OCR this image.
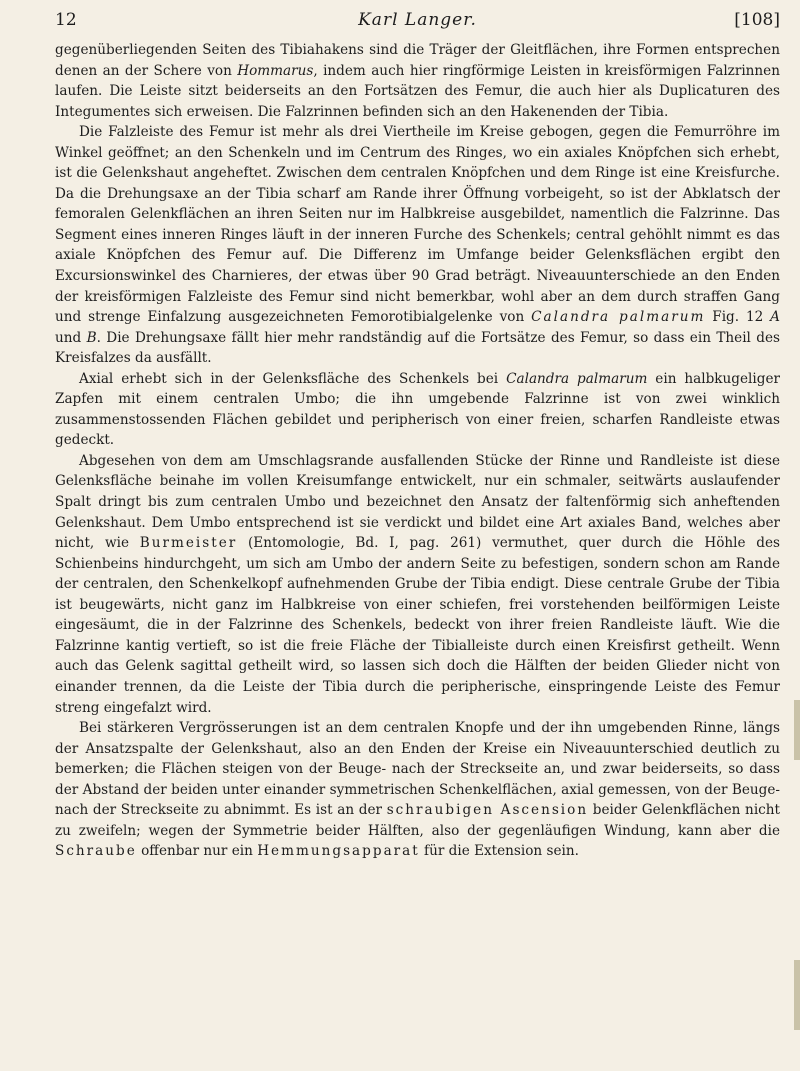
12	Karl Langer.	[108]

gegenüberliegenden Seiten des Tibiahakens sind die Träger der Gleitflächen, ihre Formen entsprechen denen an der Schere von Hommarus, indem auch hier ringförmige Leisten in kreisförmigen Falzrinnen laufen. Die Leiste sitzt beiderseits an den Fortsätzen des Femur, die auch hier als Duplicaturen des Integumentes sich erweisen. Die Falzrinnen befinden sich an den Hakenenden der Tibia.

Die Falzleiste des Femur ist mehr als drei Viertheile im Kreise gebogen, gegen die Femurröhre im Winkel geöffnet; an den Schenkeln und im Centrum des Ringes, wo ein axiales Knöpfchen sich erhebt, ist die Gelenkshaut angeheftet. Zwischen dem centralen Knöpfchen und dem Ringe ist eine Kreisfurche. Da die Drehungsaxe an der Tibia scharf am Rande ihrer Öffnung vorbeigeht, so ist der Abklatsch der femoralen Gelenkflächen an ihren Seiten nur im Halbkreise ausgebildet, namentlich die Falzrinne. Das Segment eines inneren Ringes läuft in der inneren Furche des Schenkels; central gehöhlt nimmt es das axiale Knöpfchen des Femur auf. Die Differenz im Umfange beider Gelenksflächen ergibt den Excursionswinkel des Charnieres, der etwas über 90 Grad beträgt. Niveauunterschiede an den Enden der kreisförmigen Falzleiste des Femur sind nicht bemerkbar, wohl aber an dem durch straffen Gang und strenge Einfalzung ausgezeichneten Femorotibialgelenke von Calandra palmarum Fig. 12 A und B. Die Drehungsaxe fällt hier mehr randständig auf die Fortsätze des Femur, so dass ein Theil des Kreisfalzes da ausfällt.

Axial erhebt sich in der Gelenksfläche des Schenkels bei Calandra palmarum ein halbkugeliger Zapfen mit einem centralen Umbo; die ihn umgebende Falzrinne ist von zwei winklich zusammenstossenden Flächen gebildet und peripherisch von einer freien, scharfen Randleiste etwas gedeckt.

Abgesehen von dem am Umschlagsrande ausfallenden Stücke der Rinne und Randleiste ist diese Gelenksfläche beinahe im vollen Kreisumfange entwickelt, nur ein schmaler, seitwärts auslaufender Spalt dringt bis zum centralen Umbo und bezeichnet den Ansatz der faltenförmig sich anheftenden Gelenkshaut. Dem Umbo entsprechend ist sie verdickt und bildet eine Art axiales Band, welches aber nicht, wie Burmeister (Entomologie, Bd. I, pag. 261) vermuthet, quer durch die Höhle des Schienbeins hindurchgeht, um sich am Umbo der andern Seite zu befestigen, sondern schon am Rande der centralen, den Schenkelkopf aufnehmenden Grube der Tibia endigt. Diese centrale Grube der Tibia ist beugewärts, nicht ganz im Halbkreise von einer schiefen, frei vorstehenden beilförmigen Leiste eingesäumt, die in der Falzrinne des Schenkels, bedeckt von ihrer freien Randleiste läuft. Wie die Falzrinne kantig vertieft, so ist die freie Fläche der Tibialleiste durch einen Kreisfirst getheilt. Wenn auch das Gelenk sagittal getheilt wird, so lassen sich doch die Hälften der beiden Glieder nicht von einander trennen, da die Leiste der Tibia durch die peripherische, einspringende Leiste des Femur streng eingefalzt wird.

Bei stärkeren Vergrösserungen ist an dem centralen Knopfe und der ihn umgebenden Rinne, längs der Ansatzspalte der Gelenkshaut, also an den Enden der Kreise ein Niveauunterschied deutlich zu bemerken; die Flächen steigen von der Beuge- nach der Streckseite an, und zwar beiderseits, so dass der Abstand der beiden unter einander symmetrischen Schenkelflächen, axial gemessen, von der Beuge- nach der Streckseite zu abnimmt. Es ist an der schraubigen Ascension beider Gelenkflächen nicht zu zweifeln; wegen der Symmetrie beider Hälften, also der gegenläufigen Windung, kann aber die Schraube offenbar nur ein Hemmungsapparat für die Extension sein.
